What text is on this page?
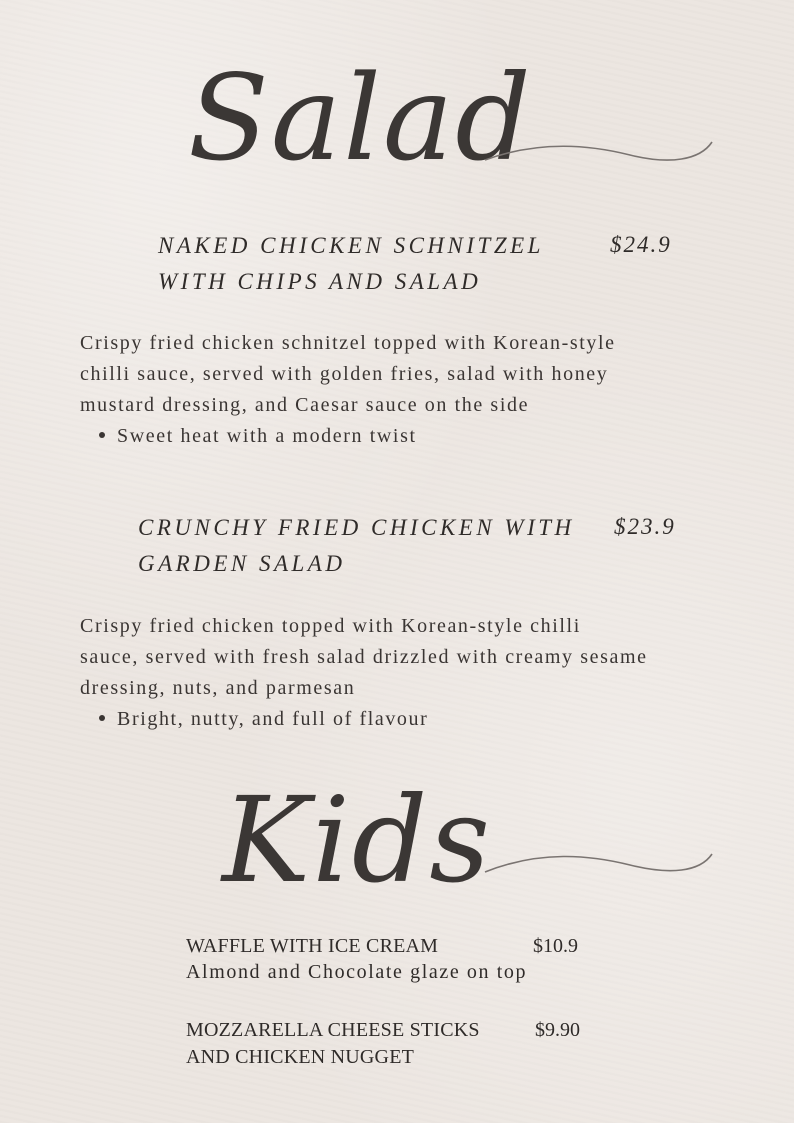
Salad
NAKED CHICKEN SCHNITZEL
WITH CHIPS AND SALAD
$24.9
Crispy fried chicken schnitzel topped with Korean-style
chilli sauce, served with golden fries, salad with honey
mustard dressing, and Caesar sauce on the side
Sweet heat with a modern twist
CRUNCHY FRIED CHICKEN WITH
GARDEN SALAD
$23.9
Crispy fried chicken topped with Korean-style chilli
sauce, served with fresh salad drizzled with creamy sesame
dressing, nuts, and parmesan
Bright, nutty, and full of flavour
Kids
WAFFLE WITH ICE CREAM	$10.9
Almond and Chocolate glaze on top
MOZZARELLA CHEESE STICKS	$9.90
AND CHICKEN NUGGET
